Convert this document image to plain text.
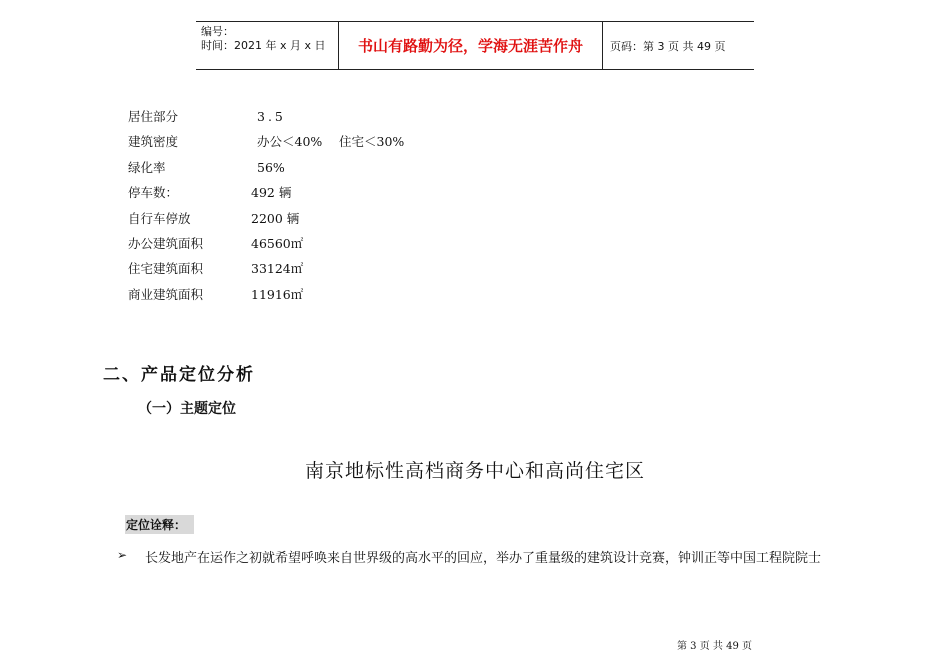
编号：
时间：2021 年 x 月 x 日	书山有路勤为径，学海无涯苦作舟	页码：第 3 页 共 49 页
居住部分	3.5
建筑密度	办公＜40% 住宅＜30%
绿化率	56%
停车数：	492 辆
自行车停放	2200 辆
办公建筑面积	46560㎡
住宅建筑面积	33124㎡
商业建筑面积	11916㎡
二、产品定位分析
（一）主题定位
南京地标性高档商务中心和高尚住宅区
定位诠释：
➢ 长发地产在运作之初就希望呼唤来自世界级的高水平的回应，举办了重量级的建筑设计竞赛，钟训正等中国工程院院士
第 3 页 共 49 页
